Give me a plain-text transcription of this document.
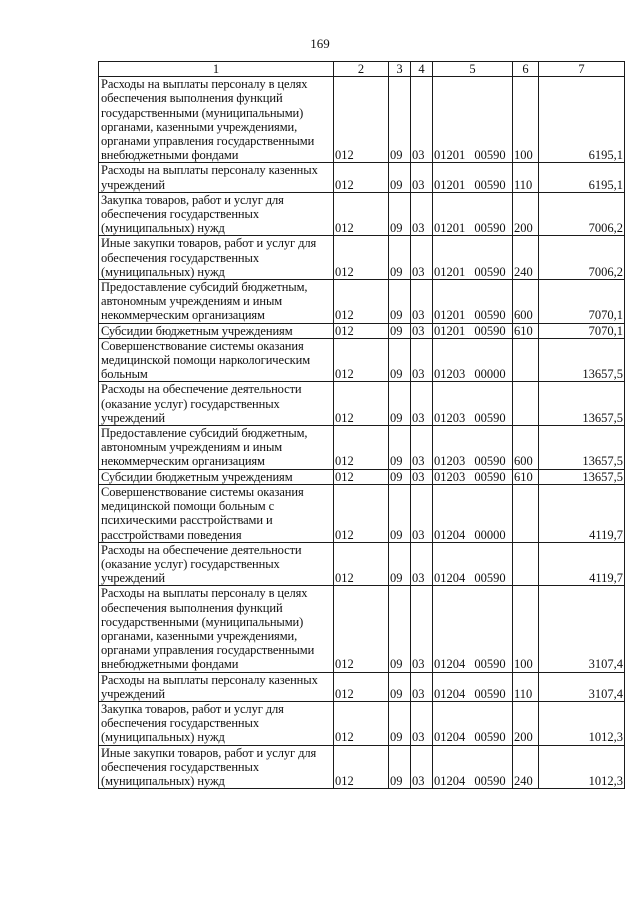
169
1	2	3	4	5	6	7
Расходы на выплаты персоналу в целях обеспечения выполнения функций государственными (муниципальными) органами, казенными учреждениями, органами управления государственными внебюджетными фондами	012	09	03	01201 00590	100	6195,1
Расходы на выплаты персоналу казенных учреждений	012	09	03	01201 00590	110	6195,1
Закупка товаров, работ и услуг для обеспечения государственных (муниципальных) нужд	012	09	03	01201 00590	200	7006,2
Иные закупки товаров, работ и услуг для обеспечения государственных (муниципальных) нужд	012	09	03	01201 00590	240	7006,2
Предоставление субсидий бюджетным, автономным учреждениям и иным некоммерческим организациям	012	09	03	01201 00590	600	7070,1
Субсидии бюджетным учреждениям	012	09	03	01201 00590	610	7070,1
Совершенствование системы оказания медицинской помощи наркологическим больным	012	09	03	01203 00000		13657,5
Расходы на обеспечение деятельности (оказание услуг) государственных учреждений	012	09	03	01203 00590		13657,5
Предоставление субсидий бюджетным, автономным учреждениям и иным некоммерческим организациям	012	09	03	01203 00590	600	13657,5
Субсидии бюджетным учреждениям	012	09	03	01203 00590	610	13657,5
Совершенствование системы оказания медицинской помощи больным с психическими расстройствами и расстройствами поведения	012	09	03	01204 00000		4119,7
Расходы на обеспечение деятельности (оказание услуг) государственных учреждений	012	09	03	01204 00590		4119,7
Расходы на выплаты персоналу в целях обеспечения выполнения функций государственными (муниципальными) органами, казенными учреждениями, органами управления государственными внебюджетными фондами	012	09	03	01204 00590	100	3107,4
Расходы на выплаты персоналу казенных учреждений	012	09	03	01204 00590	110	3107,4
Закупка товаров, работ и услуг для обеспечения государственных (муниципальных) нужд	012	09	03	01204 00590	200	1012,3
Иные закупки товаров, работ и услуг для обеспечения государственных (муниципальных) нужд	012	09	03	01204 00590	240	1012,3
